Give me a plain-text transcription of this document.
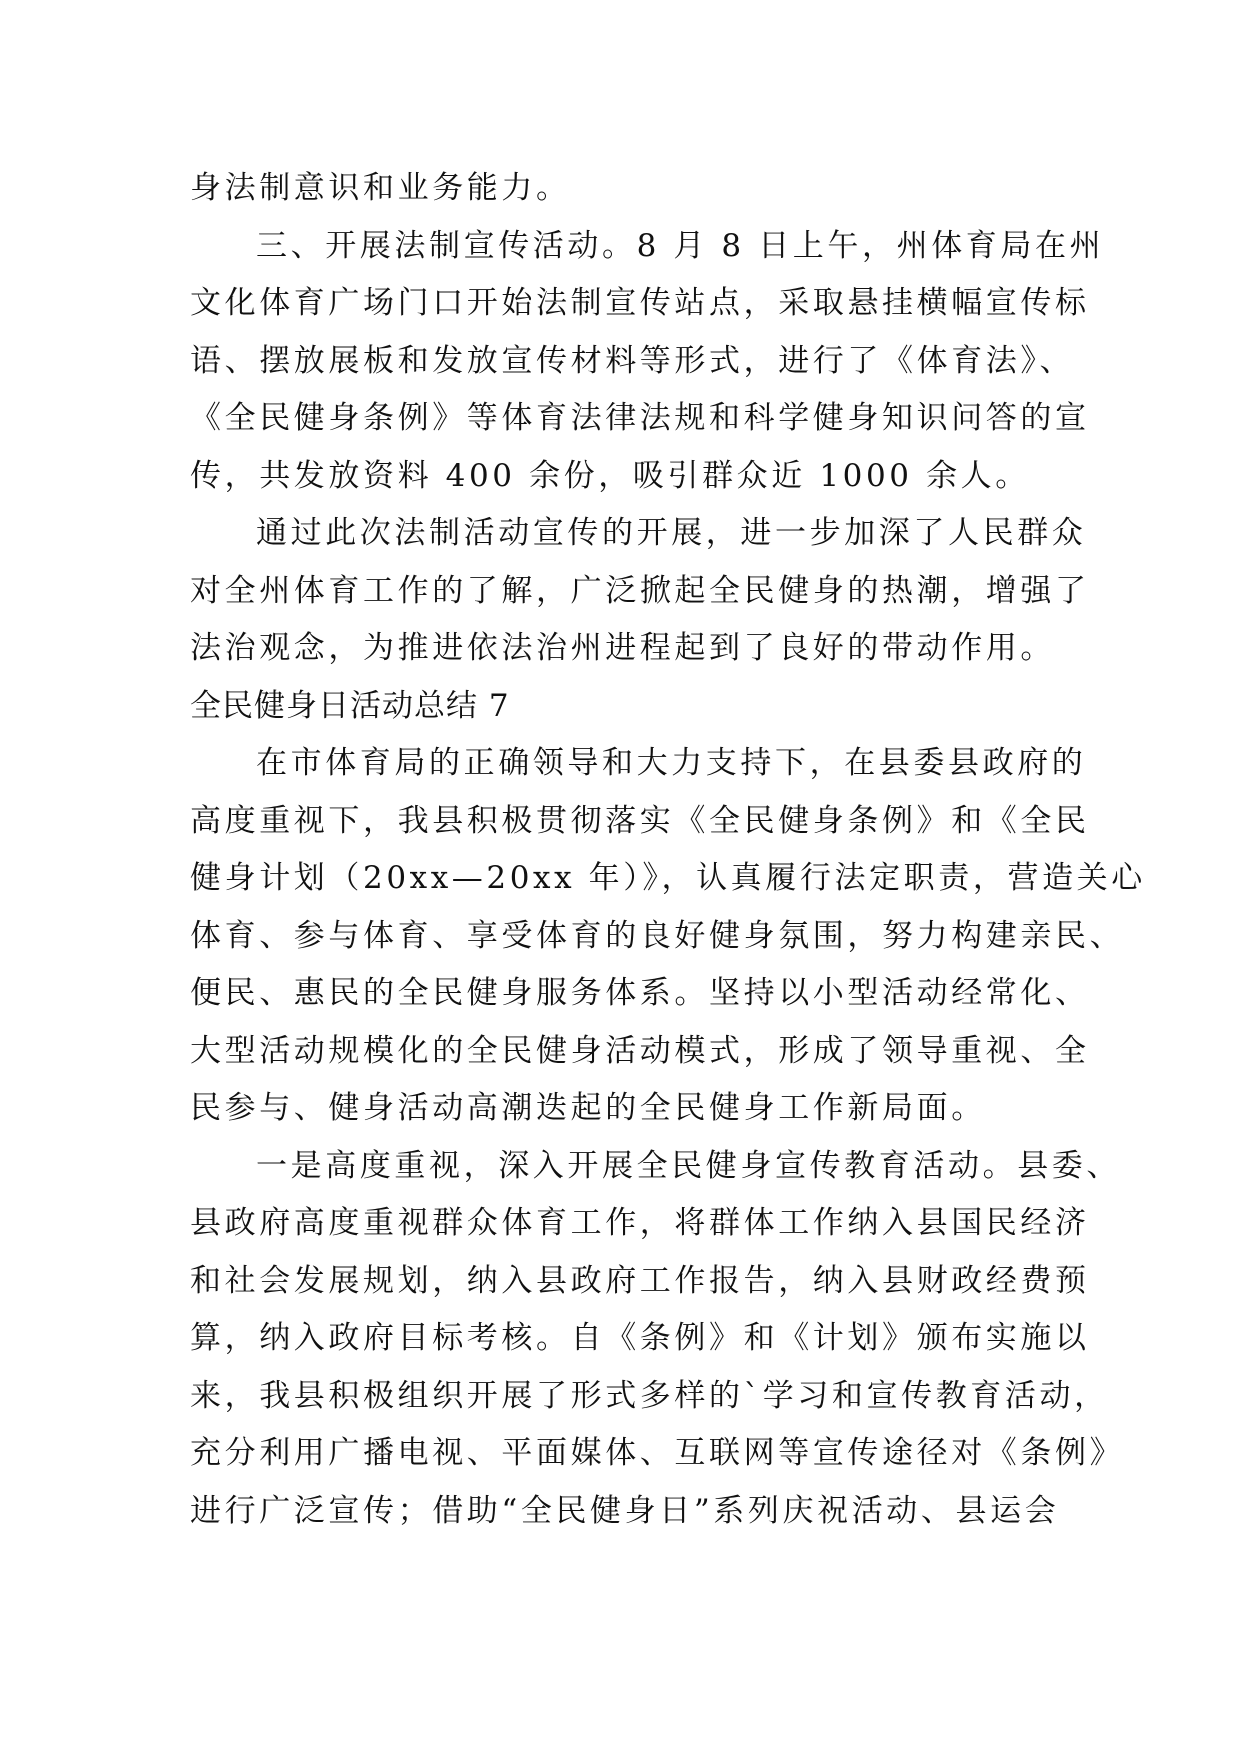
身法制意识和业务能力。
三、开展法制宣传活动。8 月 8 日上午，州体育局在州
文化体育广场门口开始法制宣传站点，采取悬挂横幅宣传标
语、摆放展板和发放宣传材料等形式，进行了《体育法》、
《全民健身条例》等体育法律法规和科学健身知识问答的宣
传，共发放资料 400 余份，吸引群众近 1000 余人。
通过此次法制活动宣传的开展，进一步加深了人民群众
对全州体育工作的了解，广泛掀起全民健身的热潮，增强了
法治观念，为推进依法治州进程起到了良好的带动作用。
全民健身日活动总结 7
在市体育局的正确领导和大力支持下，在县委县政府的
高度重视下，我县积极贯彻落实《全民健身条例》和《全民
健身计划（20xx—20xx 年）》，认真履行法定职责，营造关心
体育、参与体育、享受体育的良好健身氛围，努力构建亲民、
便民、惠民的全民健身服务体系。坚持以小型活动经常化、
大型活动规模化的全民健身活动模式，形成了领导重视、全
民参与、健身活动高潮迭起的全民健身工作新局面。
一是高度重视，深入开展全民健身宣传教育活动。县委、
县政府高度重视群众体育工作，将群体工作纳入县国民经济
和社会发展规划，纳入县政府工作报告，纳入县财政经费预
算，纳入政府目标考核。自《条例》和《计划》颁布实施以
来，我县积极组织开展了形式多样的`学习和宣传教育活动，
充分利用广播电视、平面媒体、互联网等宣传途径对《条例》
进行广泛宣传；借助“全民健身日”系列庆祝活动、县运会
